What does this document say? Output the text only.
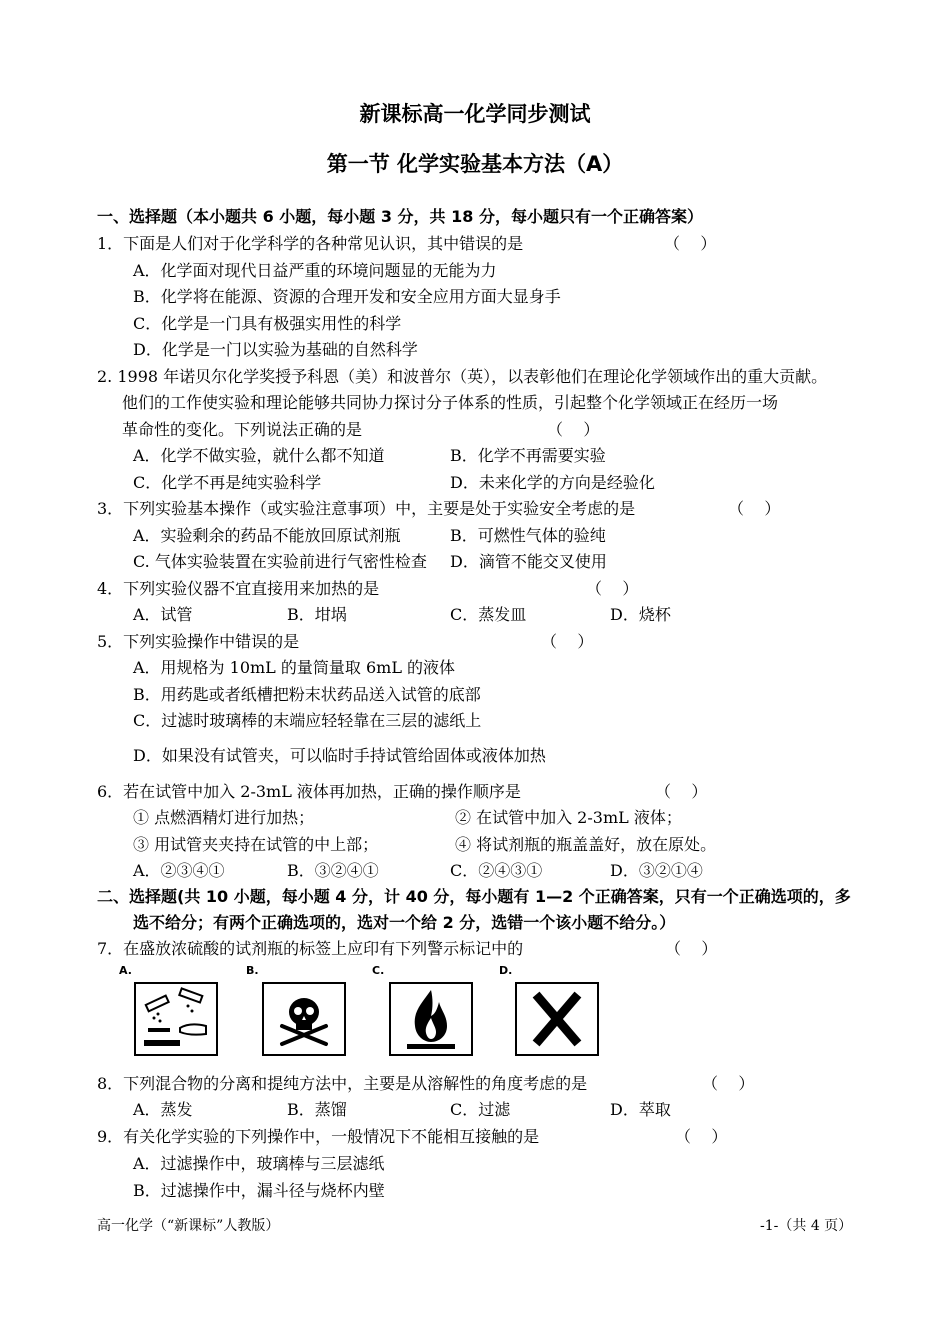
新课标高一化学同步测试
第一节 化学实验基本方法（A）
一、选择题（本小题共 6 小题，每小题 3 分，共 18 分，每小题只有一个正确答案）
1．下面是人们对于化学科学的各种常见认识，其中错误的是	（    ）
A．化学面对现代日益严重的环境问题显的无能为力
B．化学将在能源、资源的合理开发和安全应用方面大显身手
C．化学是一门具有极强实用性的科学
D．化学是一门以实验为基础的自然科学
2. 1998 年诺贝尔化学奖授予科恩（美）和波普尔（英），以表彰他们在理论化学领域作出的重大贡献。
他们的工作使实验和理论能够共同协力探讨分子体系的性质，引起整个化学领域正在经历一场
革命性的变化。下列说法正确的是	（    ）
A．化学不做实验，就什么都不知道	B．化学不再需要实验
C．化学不再是纯实验科学	D．未来化学的方向是经验化
3．下列实验基本操作（或实验注意事项）中，主要是处于实验安全考虑的是	（    ）
A．实验剩余的药品不能放回原试剂瓶	B．可燃性气体的验纯
C. 气体实验装置在实验前进行气密性检查 D．滴管不能交叉使用
4．下列实验仪器不宜直接用来加热的是	（    ）
A．试管	B．坩埚	C．蒸发皿	D．烧杯
5．下列实验操作中错误的是	（    ）
A．用规格为 10mL 的量筒量取 6mL 的液体
B．用药匙或者纸槽把粉末状药品送入试管的底部
C．过滤时玻璃棒的末端应轻轻靠在三层的滤纸上
D．如果没有试管夹，可以临时手持试管给固体或液体加热
6．若在试管中加入 2-3mL 液体再加热，正确的操作顺序是	（    ）
① 点燃酒精灯进行加热；	② 在试管中加入 2-3mL 液体；
③ 用试管夹夹持在试管的中上部；	④ 将试剂瓶的瓶盖盖好，放在原处。
A．②③④①	B．③②④①	C．②④③①	D．③②①④
二、选择题(共 10 小题，每小题 4 分，计 40 分，每小题有 1—2 个正确答案，只有一个正确选项的，多
选不给分；有两个正确选项的，选对一个给 2 分，选错一个该小题不给分。）
7．在盛放浓硫酸的试剂瓶的标签上应印有下列警示标记中的	（    ）
A.	B.	C.	D.
8．下列混合物的分离和提纯方法中，主要是从溶解性的角度考虑的是	（    ）
A．蒸发	B．蒸馏	C．过滤	D．萃取
9．有关化学实验的下列操作中，一般情况下不能相互接触的是	（    ）
A．过滤操作中，玻璃棒与三层滤纸
B．过滤操作中，漏斗径与烧杯内壁
高一化学（“新课标”人教版）	-1-（共 4 页）
